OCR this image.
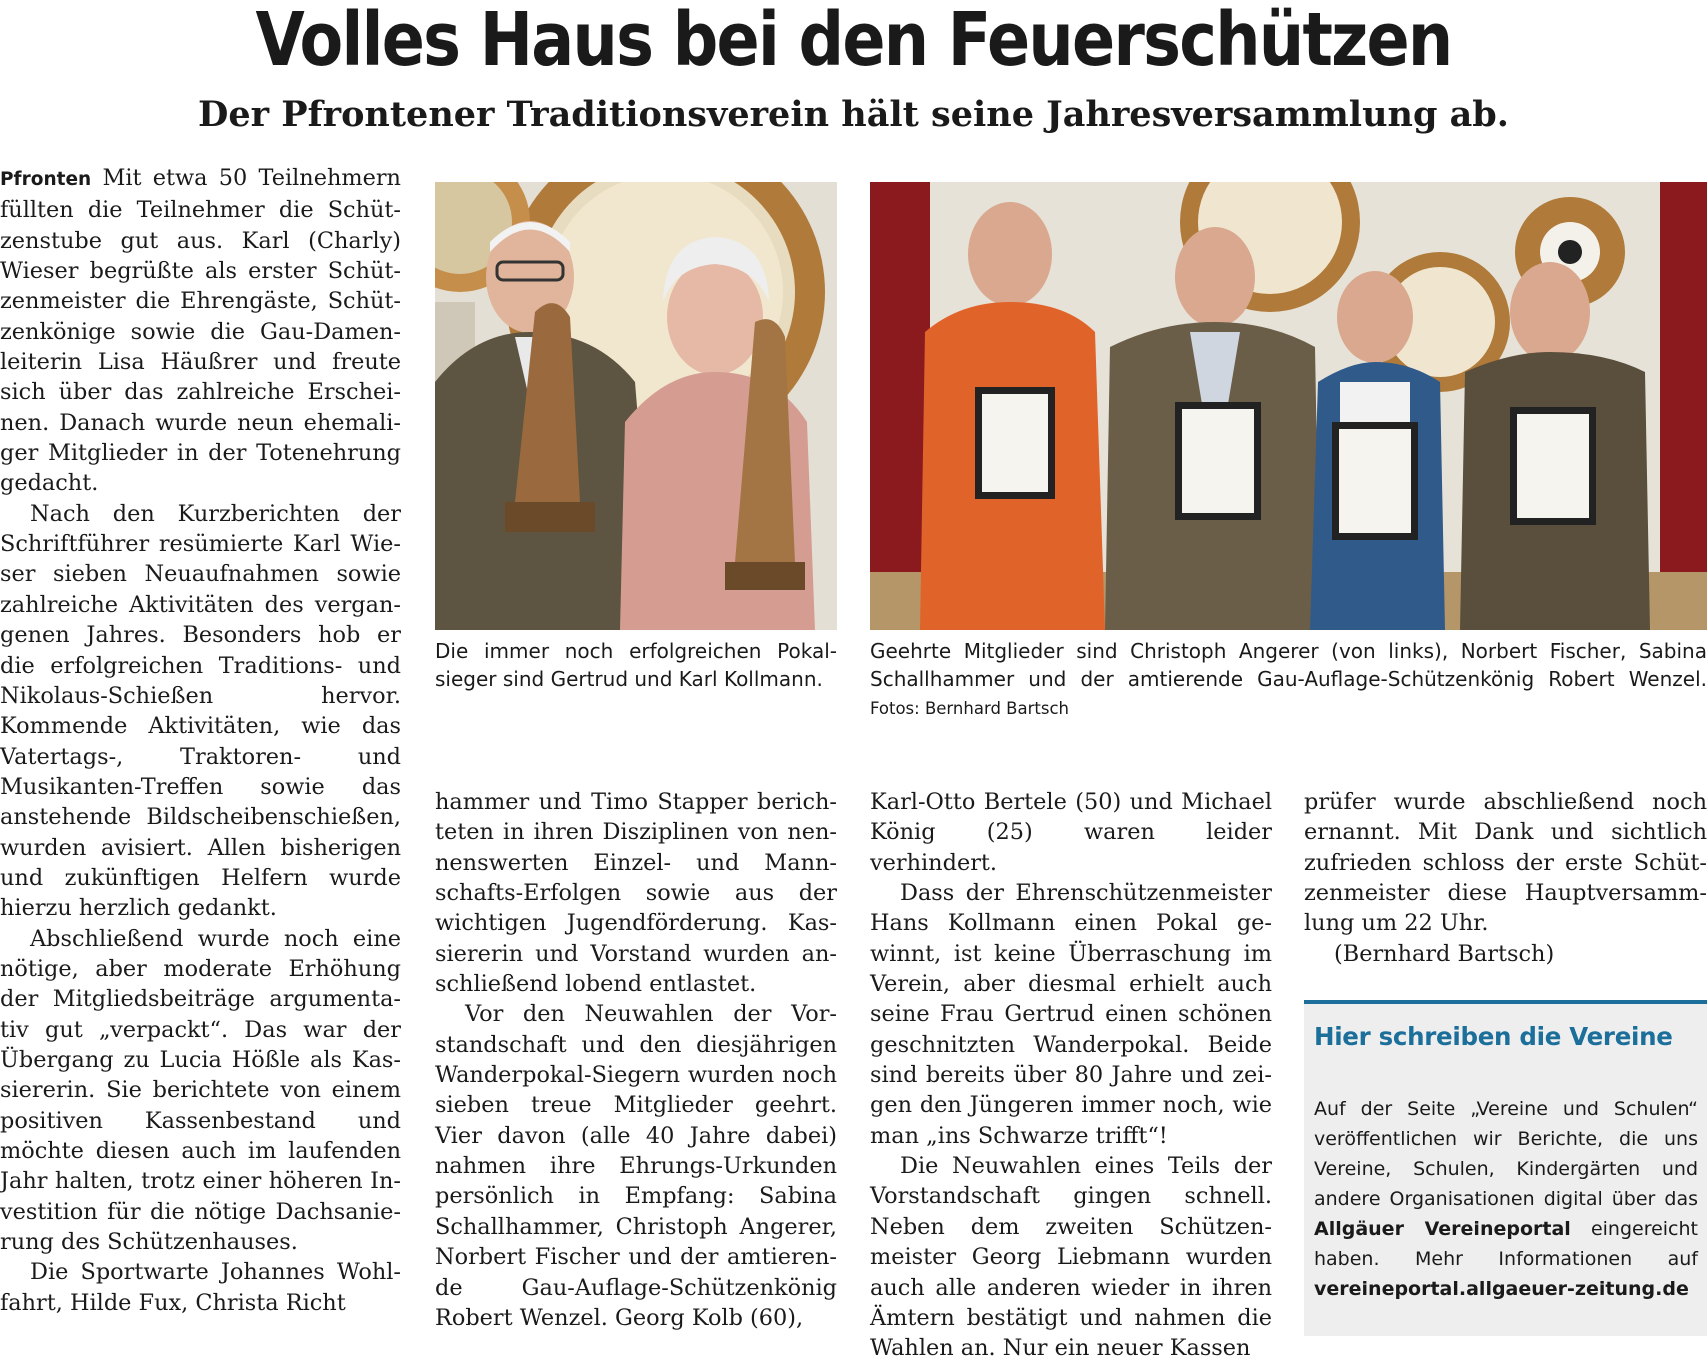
Volles Haus bei den Feuerschützen
Der Pfrontener Traditionsverein hält seine Jahresversammlung ab.

Pfronten Mit etwa 50 Teilnehmern füllten die Teilnehmer die Schützenstube gut aus. Karl (Charly) Wieser begrüßte als erster Schützenmeister die Ehrengäste, Schützenkönige sowie die Gau-Damenleiterin Lisa Häußrer und freute sich über das zahlreiche Erscheinen. Danach wurde neun ehemaliger Mitglieder in der Totenehrung gedacht.

Nach den Kurzberichten der Schriftführer resümierte Karl Wieser sieben Neuaufnahmen sowie zahlreiche Aktivitäten des vergangenen Jahres. Besonders hob er die erfolgreichen Traditions- und Nikolaus-Schießen hervor. Kommende Aktivitäten, wie das Vatertags-, Traktoren- und Musikanten-Treffen sowie das anstehende Bildscheibenschießen, wurden avisiert. Allen bisherigen und zukünftigen Helfern wurde hierzu herzlich gedankt.

Abschließend wurde noch eine nötige, aber moderate Erhöhung der Mitgliedsbeiträge argumentativ gut „verpackt“. Das war der Übergang zu Lucia Hößle als Kassiererin. Sie berichtete von einem positiven Kassenbestand und möchte diesen auch im laufenden Jahr halten, trotz einer höheren Investition für die nötige Dachsanierung des Schützenhauses.

Die Sportwarte Johannes Wohlfahrt, Hilde Fux, Christa Richt

Die immer noch erfolgreichen Pokalsieger sind Gertrud und Karl Kollmann.
Geehrte Mitglieder sind Christoph Angerer (von links), Norbert Fischer, Sabina Schallhammer und der amtierende Gau-Auflage-Schützenkönig Robert Wenzel. Fotos: Bernhard Bartsch

hammer und Timo Stapper berichteten in ihren Disziplinen von nennenswerten Einzel- und Mannschafts-Erfolgen sowie aus der wichtigen Jugendförderung. Kassiererin und Vorstand wurden anschließend lobend entlastet.

Vor den Neuwahlen der Vorstandschaft und den diesjährigen Wanderpokal-Siegern wurden noch sieben treue Mitglieder geehrt. Vier davon (alle 40 Jahre dabei) nahmen ihre Ehrungs-Urkunden persönlich in Empfang: Sabina Schallhammer, Christoph Angerer, Norbert Fischer und der amtierende Gau-Auflage-Schützenkönig Robert Wenzel. Georg Kolb (60),

Karl-Otto Bertele (50) und Michael König (25) waren leider verhindert.

Dass der Ehrenschützenmeister Hans Kollmann einen Pokal gewinnt, ist keine Überraschung im Verein, aber diesmal erhielt auch seine Frau Gertrud einen schönen geschnitzten Wanderpokal. Beide sind bereits über 80 Jahre und zeigen den Jüngeren immer noch, wie man „ins Schwarze trifft“!

Die Neuwahlen eines Teils der Vorstandschaft gingen schnell. Neben dem zweiten Schützenmeister Georg Liebmann wurden auch alle anderen wieder in ihren Ämtern bestätigt und nahmen die Wahlen an. Nur ein neuer Kassen

prüfer wurde abschließend noch ernannt. Mit Dank und sichtlich zufrieden schloss der erste Schützenmeister diese Hauptversammlung um 22 Uhr.

(Bernhard Bartsch)

Hier schreiben die Vereine

Auf der Seite „Vereine und Schulen“ veröffentlichen wir Berichte, die uns Vereine, Schulen, Kindergärten und andere Organisationen digital über das Allgäuer Vereineportal eingereicht haben. Mehr Informationen auf vereineportal.allgaeuer-zeitung.de
